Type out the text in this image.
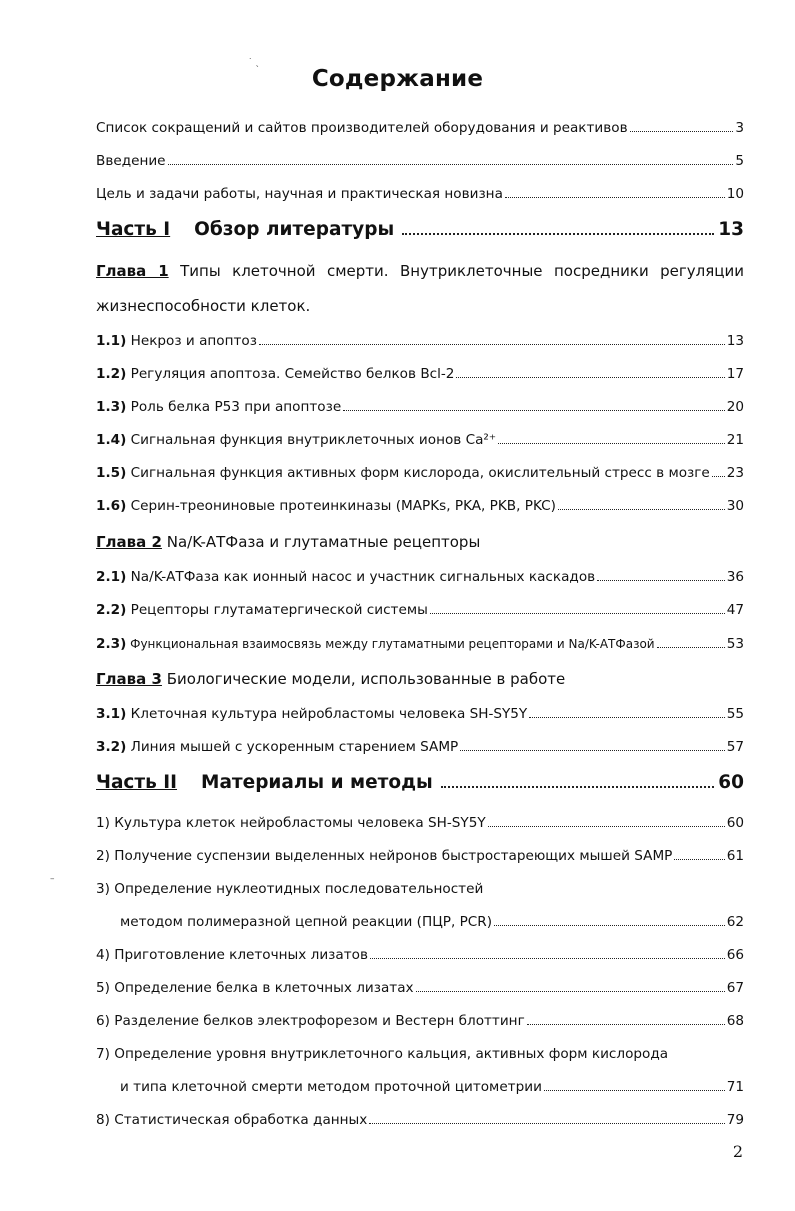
Содержание
Список сокращений и сайтов производителей оборудования и реактивов	3
Введение	5
Цель и задачи работы, научная и практическая новизна	10
Часть I Обзор литературы	13
Глава 1 Типы клеточной смерти. Внутриклеточные посредники регуляции
жизнеспособности клеток.
1.1) Некроз и апоптоз	13
1.2) Регуляция апоптоза. Семейство белков Bcl-2	17
1.3) Роль белка Р53 при апоптозе	20
1.4) Сигнальная функция внутриклеточных ионов Ca²⁺	21
1.5) Сигнальная функция активных форм кислорода, окислительный стресс в мозге 23
1.6) Серин-треониновые протеинкиназы (MAPKs, PKA, PKB, PKC)	30
Глава 2 Na/K-АТФаза и глутаматные рецепторы
2.1) Na/K-АТФаза как ионный насос и участник сигнальных каскадов	36
2.2) Рецепторы глутаматергической системы	47
2.3) Функциональная взаимосвязь между глутаматными рецепторами и Na/K-АТФазой	53
Глава 3 Биологические модели, использованные в работе
3.1) Клеточная культура нейробластомы человека SH-SY5Y	55
3.2) Линия мышей с ускоренным старением SAMP	57
Часть II Материалы и методы	60
1) Культура клеток нейробластомы человека SH-SY5Y	60
2) Получение суспензии выделенных нейронов быстростареющих мышей SAMP	61
3) Определение нуклеотидных последовательностей
методом полимеразной цепной реакции (ПЦР, PCR)	62
4) Приготовление клеточных лизатов	66
5) Определение белка в клеточных лизатах	67
6) Разделение белков электрофорезом и Вестерн блоттинг	68
7) Определение уровня внутриклеточного кальция, активных форм кислорода
и типа клеточной смерти методом проточной цитометрии	71
8) Статистическая обработка данных	79
2
˙ ˎ
–
